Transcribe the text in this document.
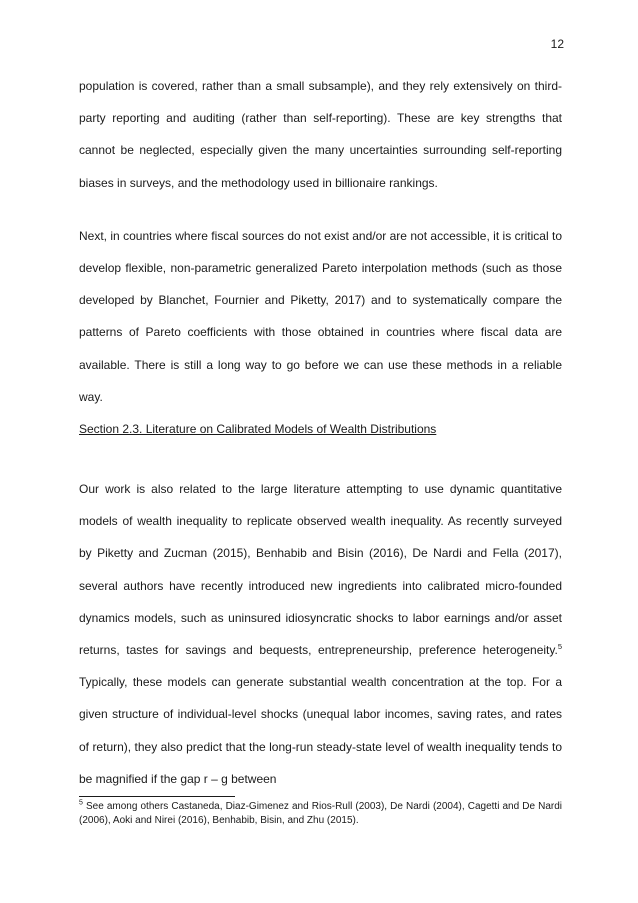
12

population is covered, rather than a small subsample), and they rely extensively on third-party reporting and auditing (rather than self-reporting). These are key strengths that cannot be neglected, especially given the many uncertainties surrounding self-reporting biases in surveys, and the methodology used in billionaire rankings.

Next, in countries where fiscal sources do not exist and/or are not accessible, it is critical to develop flexible, non-parametric generalized Pareto interpolation methods (such as those developed by Blanchet, Fournier and Piketty, 2017) and to systematically compare the patterns of Pareto coefficients with those obtained in countries where fiscal data are available. There is still a long way to go before we can use these methods in a reliable way.

Section 2.3. Literature on Calibrated Models of Wealth Distributions

Our work is also related to the large literature attempting to use dynamic quantitative models of wealth inequality to replicate observed wealth inequality. As recently surveyed by Piketty and Zucman (2015), Benhabib and Bisin (2016), De Nardi and Fella (2017), several authors have recently introduced new ingredients into calibrated micro-founded dynamics models, such as uninsured idiosyncratic shocks to labor earnings and/or asset returns, tastes for savings and bequests, entrepreneurship, preference heterogeneity.$^5$ Typically, these models can generate substantial wealth concentration at the top. For a given structure of individual-level shocks (unequal labor incomes, saving rates, and rates of return), they also predict that the long-run steady-state level of wealth inequality tends to be magnified if the gap r – g between

$^5$ See among others Castaneda, Diaz-Gimenez and Rios-Rull (2003), De Nardi (2004), Cagetti and De Nardi (2006), Aoki and Nirei (2016), Benhabib, Bisin, and Zhu (2015).
